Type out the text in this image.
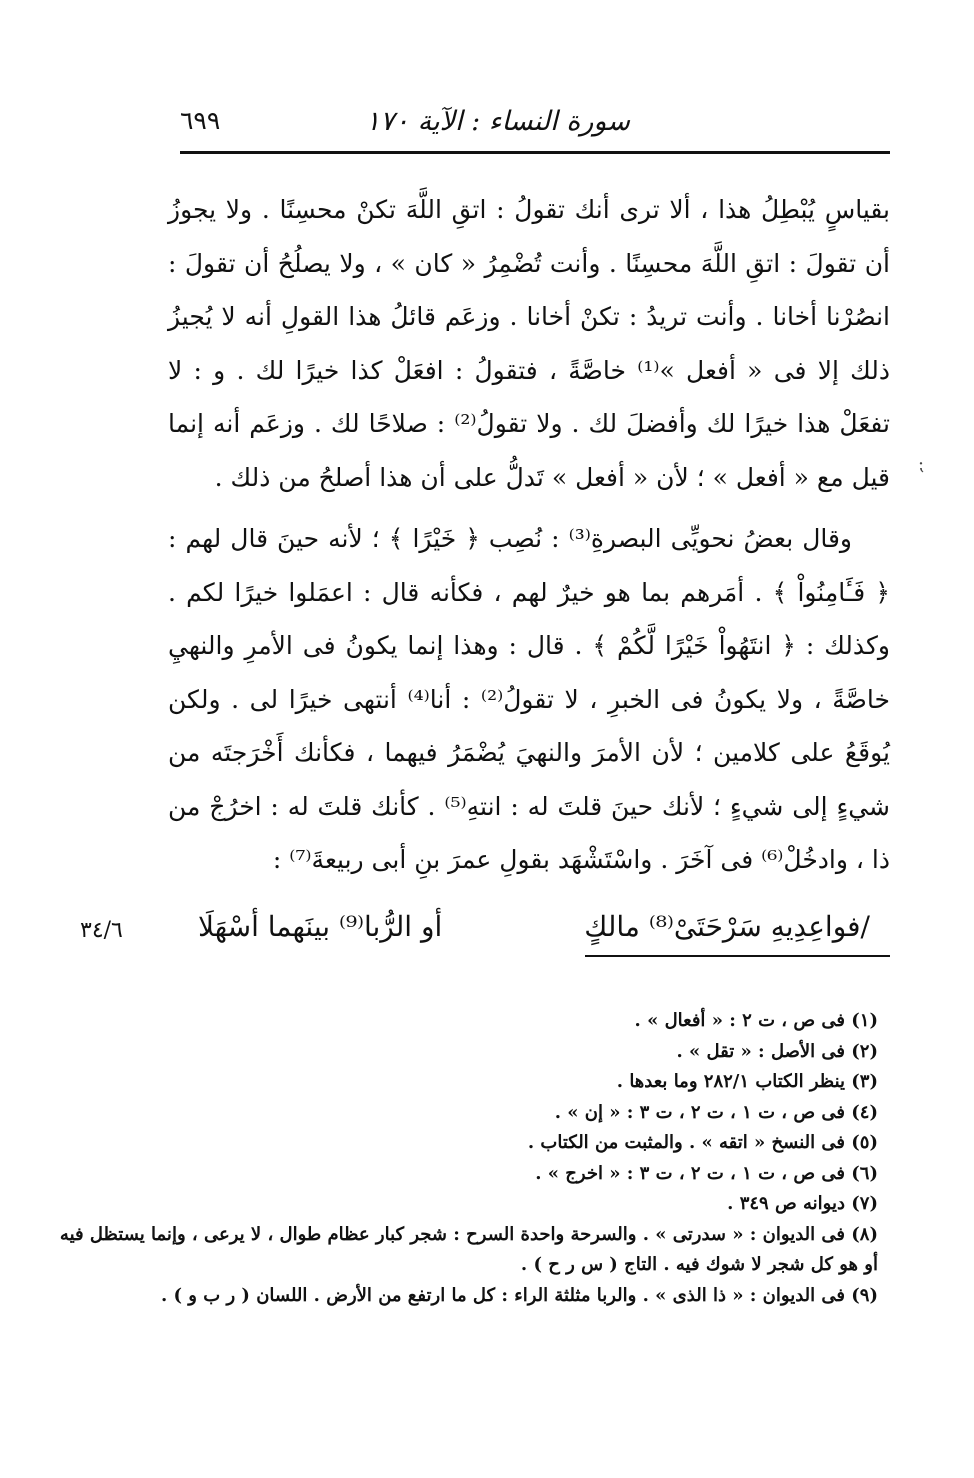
سورة النساء : الآية ١٧٠
٦٩٩
⁏

بقياسٍ يُبْطِلُ هذا ، ألا ترى أنك تقولُ : اتقِ اللَّهَ تكنْ محسِنًا . ولا يجوزُ أن تقولَ : اتقِ اللَّهَ محسِنًا . وأنت تُضْمِرُ « كان » ، ولا يصلُحُ أن تقولَ : انصُرْنا أخانا . وأنت تريدُ : تكنْ أخانا . وزعَم قائلُ هذا القولِ أنه لا يُجيزُ ذلك إلا فى « أفعل »⁽¹⁾ خاصَّةً ، فتقولُ : افعَلْ كذا خيرًا لك . و : لا تفعَلْ هذا خيرًا لك وأفضلَ لك . ولا تقولُ⁽²⁾ : صلاحًا لك . وزعَم أنه إنما قيل مع « أفعل » ؛ لأن « أفعل » تَدلُّ على أن هذا أصلحُ من ذلك .

وقال بعضُ نحويِّى البصرةِ⁽³⁾ : نُصِب ﴿ خَيْرًا ﴾ ؛ لأنه حينَ قال لهم : ﴿ فَـَٔامِنُواْ ﴾ . أمَرهم بما هو خيرٌ لهم ، فكأنه قال : اعمَلوا خيرًا لكم . وكذلك : ﴿ انتَهُواْ خَيْرًا لَّكُمْ ﴾ . قال : وهذا إنما يكونُ فى الأمرِ والنهيِ خاصَّةً ، ولا يكونُ فى الخبرِ ، لا تقولُ⁽²⁾ : أنا⁽⁴⁾ أنتهى خيرًا لى . ولكن يُوقَعُ على كلامين ؛ لأن الأمرَ والنهيَ يُضْمَرُ فيهما ، فكأنك أَخْرَجتَه من شيءٍ إلى شيءٍ ؛ لأنك حينَ قلتَ له : انتهِ⁽⁵⁾ . كأنك قلتَ له : اخرُجْ من ذا ، وادخُلْ⁽⁶⁾ فى آخَرَ . واسْتَشْهَد بقولِ عمرَ بنِ أبى ربيعةَ⁽⁷⁾ :

/فواعِدِيهِ سَرْحَتَىْ⁽⁸⁾ مالكٍ
أو الرُّبا⁽⁹⁾ بينَهما أسْهَلَا
٣٤/٦

(١) فى ص ، ت ٢ : « أفعال » .

(٢) فى الأصل : « تقل » .

(٣) ينظر الكتاب ٢٨٢/١ وما بعدها .

(٤) فى ص ، ت ١ ، ت ٢ ، ت ٣ : « إن » .

(٥) فى النسخ « اتقه » . والمثبت من الكتاب .

(٦) فى ص ، ت ١ ، ت ٢ ، ت ٣ : « اخرج » .

(٧) ديوانه ص ٣٤٩ .

(٨) فى الديوان : « سدرتى » . والسرحة واحدة السرح : شجر كبار عظام طوال ، لا يرعى ، وإنما يستظل فيه

أو هو كل شجر لا شوك فيه . التاج ( س ر ح ) .

(٩) فى الديوان : « ذا الذى » . والربا مثلثة الراء : كل ما ارتفع من الأرض . اللسان ( ر ب و ) .
